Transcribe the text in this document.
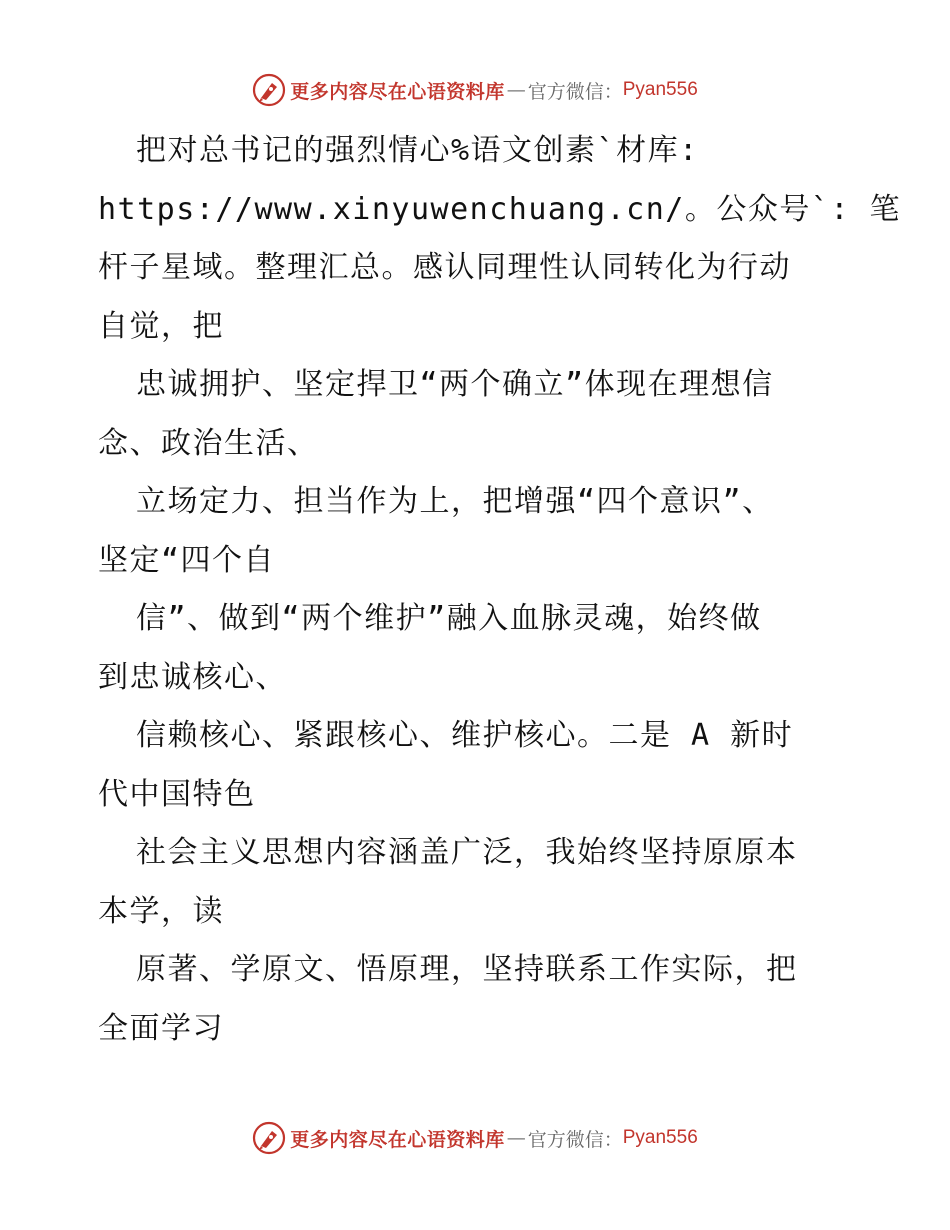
更多内容尽在心语资料库 — 官方微信： Pyan556
把对总书记的强烈情心%语文创素`材库:
https://www.xinyuwenchuang.cn/。公众号`: 笔
杆子星域。整理汇总。感认同理性认同转化为行动
自觉，把
忠诚拥护、坚定捍卫“两个确立”体现在理想信
念、政治生活、
立场定力、担当作为上，把增强“四个意识”、
坚定“四个自
信”、做到“两个维护”融入血脉灵魂，始终做
到忠诚核心、
信赖核心、紧跟核心、维护核心。二是 A 新时
代中国特色
社会主义思想内容涵盖广泛，我始终坚持原原本
本学，读
原著、学原文、悟原理，坚持联系工作实际，把
全面学习
更多内容尽在心语资料库 — 官方微信： Pyan556
